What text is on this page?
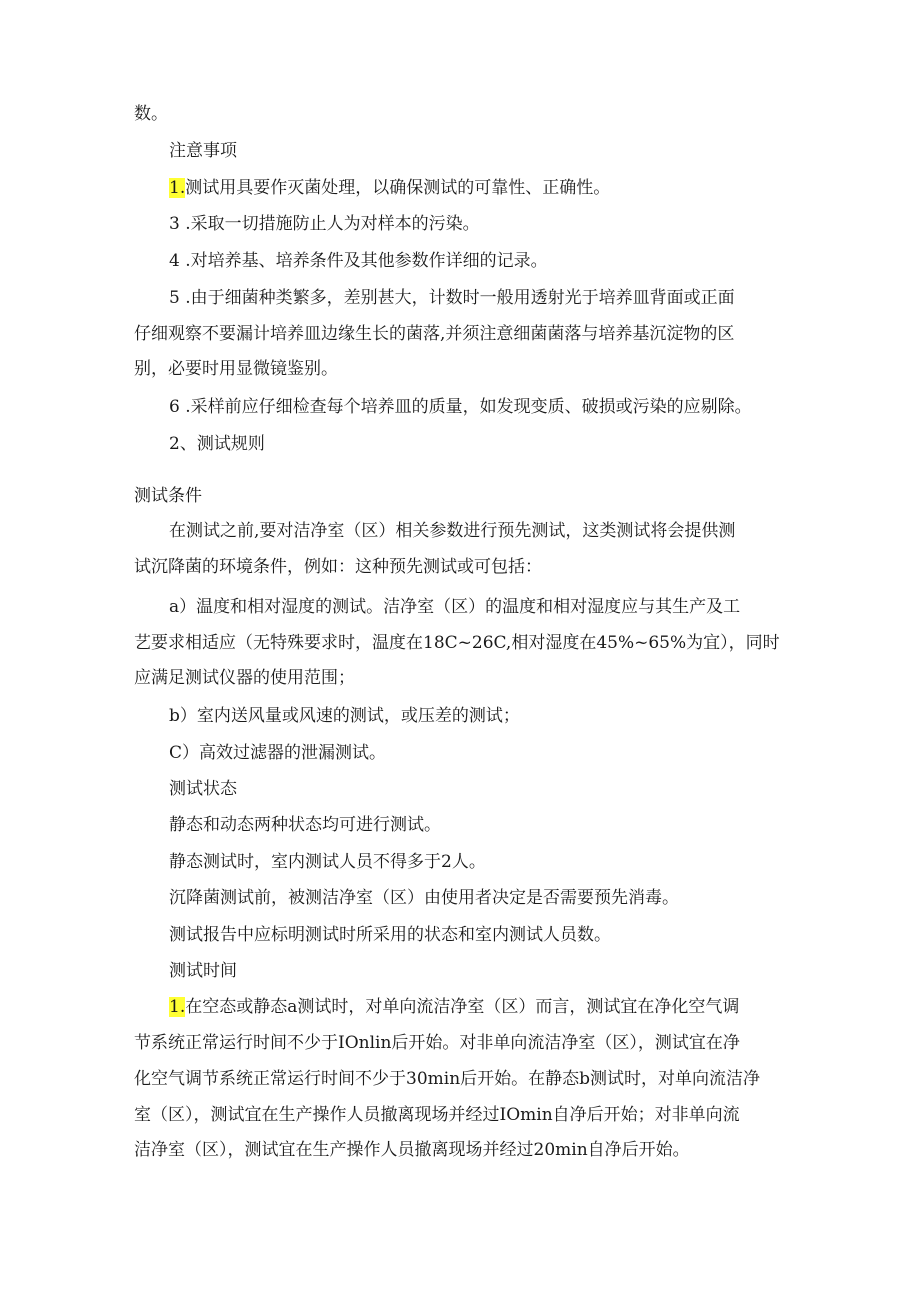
数。
注意事项
1.测试用具要作灭菌处理，以确保测试的可靠性、正确性。
3 .采取一切措施防止人为对样本的污染。
4 .对培养基、培养条件及其他参数作详细的记录。
5 .由于细菌种类繁多，差别甚大，计数时一般用透射光于培养皿背面或正面
仔细观察不要漏计培养皿边缘生长的菌落,并须注意细菌菌落与培养基沉淀物的区
别，必要时用显微镜鉴别。
6 .采样前应仔细检查每个培养皿的质量，如发现变质、破损或污染的应剔除。
2、测试规则
测试条件
在测试之前,要对洁净室（区）相关参数进行预先测试，这类测试将会提供测
试沉降菌的环境条件，例如：这种预先测试或可包括：
a）温度和相对湿度的测试。洁净室（区）的温度和相对湿度应与其生产及工
艺要求相适应（无特殊要求时，温度在18C~26C,相对湿度在45%~65%为宜），同时
应满足测试仪器的使用范围；
b）室内送风量或风速的测试，或压差的测试；
C）高效过滤器的泄漏测试。
测试状态
静态和动态两种状态均可进行测试。
静态测试时，室内测试人员不得多于2人。
沉降菌测试前，被测洁净室（区）由使用者决定是否需要预先消毒。
测试报告中应标明测试时所采用的状态和室内测试人员数。
测试时间
1.在空态或静态a测试时，对单向流洁净室（区）而言，测试宜在净化空气调
节系统正常运行时间不少于IOnlin后开始。对非单向流洁净室（区），测试宜在净
化空气调节系统正常运行时间不少于30min后开始。在静态b测试时，对单向流洁净
室（区），测试宜在生产操作人员撤离现场并经过IOmin自净后开始；对非单向流
洁净室（区），测试宜在生产操作人员撤离现场并经过20min自净后开始。
